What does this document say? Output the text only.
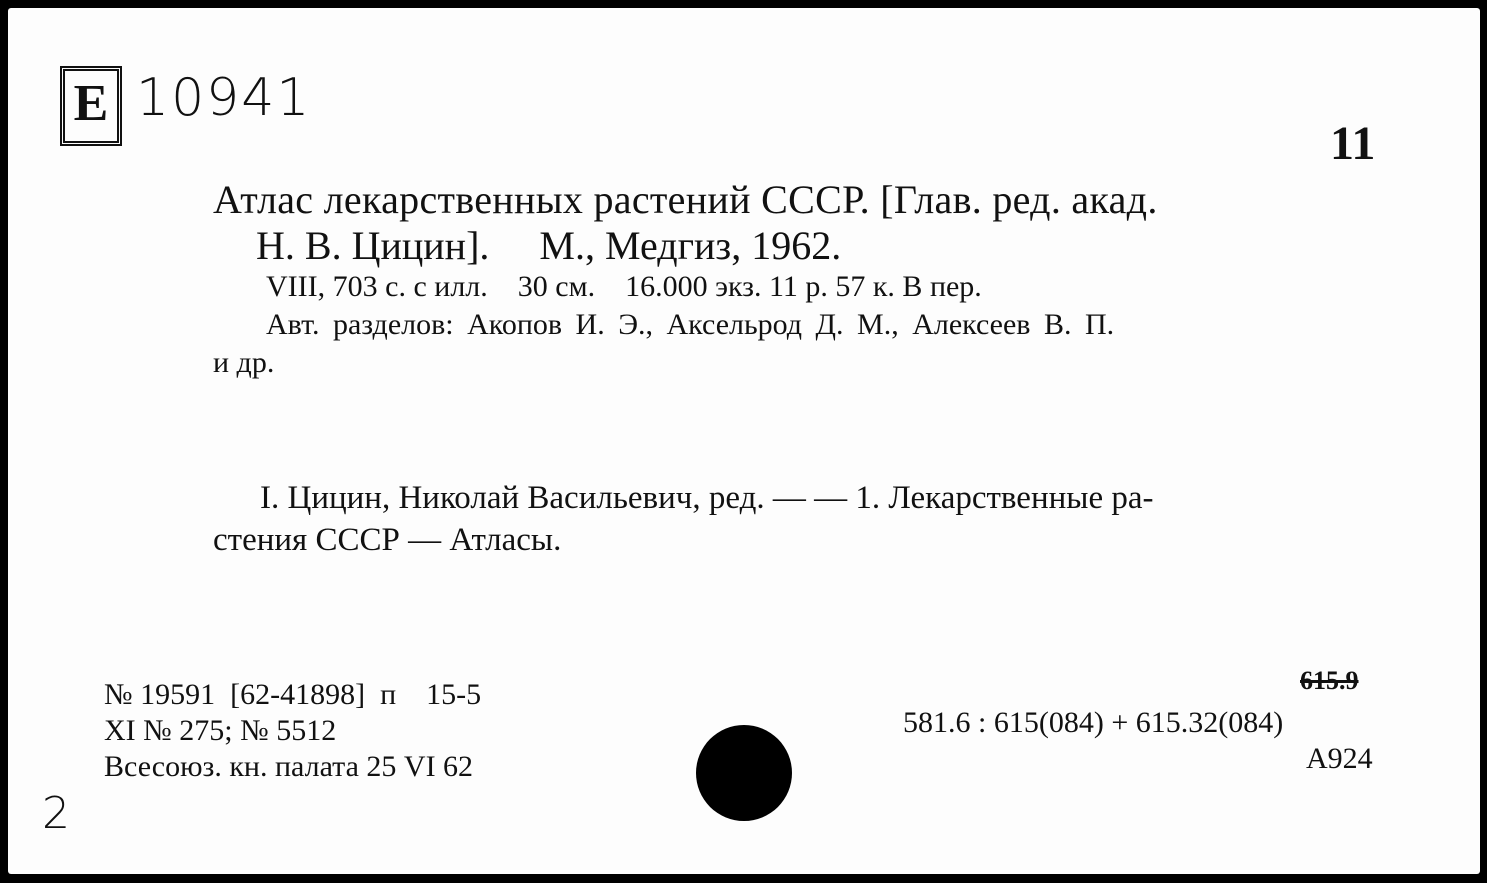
E 10941
11
Атлас лекарственных растений СССР. [Глав. ред. акад.
Н. В. Цицин].     М., Медгиз, 1962.
VIII, 703 с. с илл.    30 см.    16.000 экз. 11 р. 57 к. В пер.
Авт. разделов: Акопов И. Э., Аксельрод Д. М., Алексеев В. П.
и др.
I. Цицин, Николай Васильевич, ред. — — 1. Лекарственные ра-
стения СССР — Атласы.
№ 19591  [62-41898]  п    15-5
XI № 275; № 5512
Всесоюз. кн. палата 25 VI 62
615.9
581.6 : 615(084) + 615.32(084)
А924
2
